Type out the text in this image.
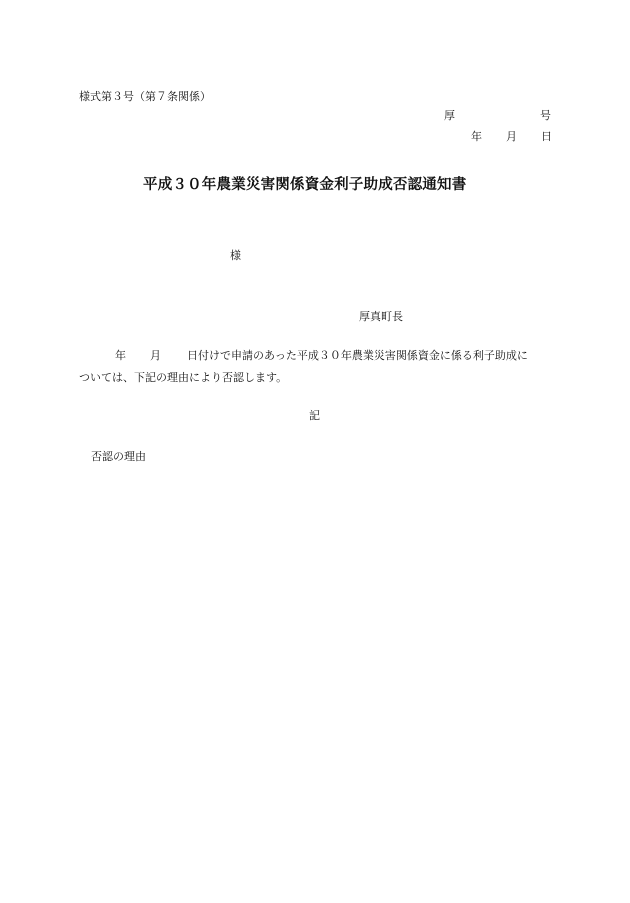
様式第３号（第７条関係）
厚	号
年 月 日
平成３０年農業災害関係資金利子助成否認通知書
様
厚真町長
年 月 日付けで申請のあった平成３０年農業災害関係資金に係る利子助成に
ついては、下記の理由により否認します。
記
否認の理由
